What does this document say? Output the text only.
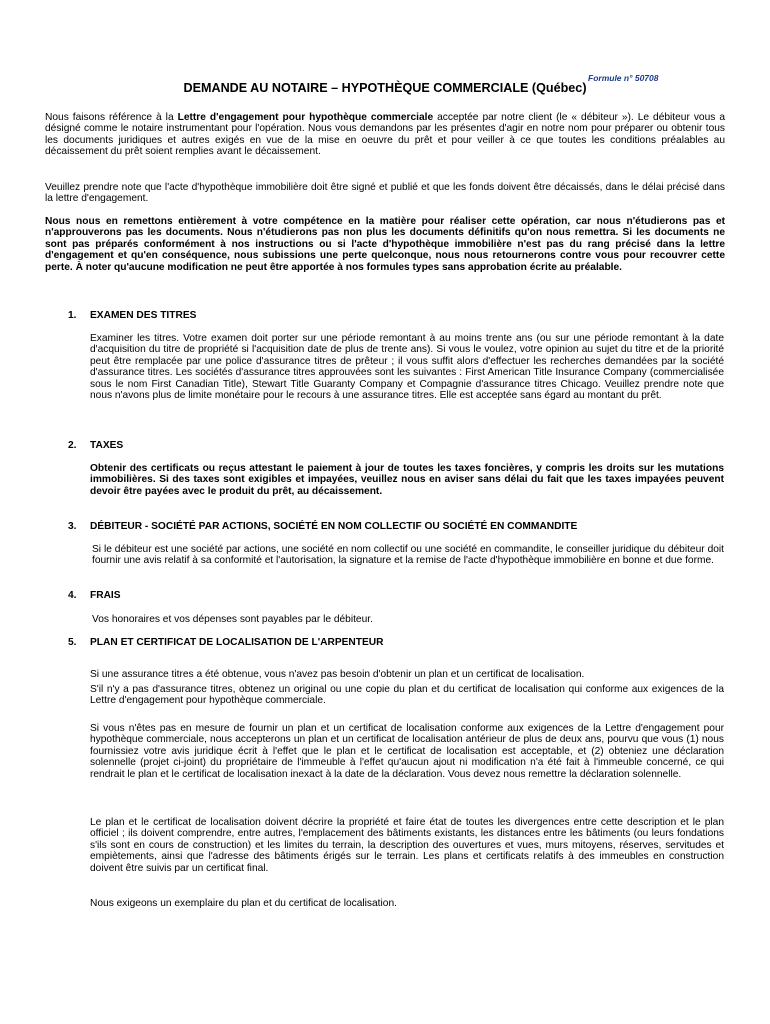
Formule n° 50708
DEMANDE AU NOTAIRE – HYPOTHÈQUE COMMERCIALE (Québec)

Nous faisons référence à la Lettre d'engagement pour hypothèque commerciale acceptée par notre client (le « débiteur »). Le débiteur vous a désigné comme le notaire instrumentant pour l'opération. Nous vous demandons par les présentes d'agir en notre nom pour préparer ou obtenir tous les documents juridiques et autres exigés en vue de la mise en oeuvre du prêt et pour veiller à ce que toutes les conditions préalables au décaissement du prêt soient remplies avant le décaissement.

Veuillez prendre note que l'acte d'hypothèque immobilière doit être signé et publié et que les fonds doivent être décaissés, dans le délai précisé dans la lettre d'engagement.

Nous nous en remettons entièrement à votre compétence en la matière pour réaliser cette opération, car nous n'étudierons pas et n'approuverons pas les documents. Nous n'étudierons pas non plus les documents définitifs qu'on nous remettra. Si les documents ne sont pas préparés conformément à nos instructions ou si l'acte d'hypothèque immobilière n'est pas du rang précisé dans la lettre d'engagement et qu'en conséquence, nous subissions une perte quelconque, nous nous retournerons contre vous pour recouvrer cette perte. À noter qu'aucune modification ne peut être apportée à nos formules types sans approbation écrite au préalable.

1. EXAMEN DES TITRES

Examiner les titres. Votre examen doit porter sur une période remontant à au moins trente ans (ou sur une période remontant à la date d'acquisition du titre de propriété si l'acquisition date de plus de trente ans). Si vous le voulez, votre opinion au sujet du titre et de la priorité peut être remplacée par une police d'assurance titres de prêteur ; il vous suffit alors d'effectuer les recherches demandées par la société d'assurance titres. Les sociétés d'assurance titres approuvées sont les suivantes : First American Title Insurance Company (commercialisée sous le nom First Canadian Title), Stewart Title Guaranty Company et Compagnie d'assurance titres Chicago. Veuillez prendre note que nous n'avons plus de limite monétaire pour le recours à une assurance titres. Elle est acceptée sans égard au montant du prêt.

2. TAXES

Obtenir des certificats ou reçus attestant le paiement à jour de toutes les taxes foncières, y compris les droits sur les mutations immobilières. Si des taxes sont exigibles et impayées, veuillez nous en aviser sans délai du fait que les taxes impayées peuvent devoir être payées avec le produit du prêt, au décaissement.

3. DÉBITEUR - SOCIÉTÉ PAR ACTIONS, SOCIÉTÉ EN NOM COLLECTIF OU SOCIÉTÉ EN COMMANDITE

Si le débiteur est une société par actions, une société en nom collectif ou une société en commandite, le conseiller juridique du débiteur doit fournir une avis relatif à sa conformité et l'autorisation, la signature et la remise de l'acte d'hypothèque immobilière en bonne et due forme.

4. FRAIS

Vos honoraires et vos dépenses sont payables par le débiteur.

5. PLAN ET CERTIFICAT DE LOCALISATION DE L'ARPENTEUR

Si une assurance titres a été obtenue, vous n'avez pas besoin d'obtenir un plan et un certificat de localisation.

S'il n'y a pas d'assurance titres, obtenez un original ou une copie du plan et du certificat de localisation qui conforme aux exigences de la Lettre d'engagement pour hypothèque commerciale.

Si vous n'êtes pas en mesure de fournir un plan et un certificat de localisation conforme aux exigences de la Lettre d'engagement pour hypothèque commerciale, nous accepterons un plan et un certificat de localisation antérieur de plus de deux ans, pourvu que vous (1) nous fournissiez votre avis juridique écrit à l'effet que le plan et le certificat de localisation est acceptable, et (2) obteniez une déclaration solennelle (projet ci-joint) du propriétaire de l'immeuble à l'effet qu'aucun ajout ni modification n'a été fait à l'immeuble concerné, ce qui rendrait le plan et le certificat de localisation inexact à la date de la déclaration. Vous devez nous remettre la déclaration solennelle.

Le plan et le certificat de localisation doivent décrire la propriété et faire état de toutes les divergences entre cette description et le plan officiel ; ils doivent comprendre, entre autres, l'emplacement des bâtiments existants, les distances entre les bâtiments (ou leurs fondations s'ils sont en cours de construction) et les limites du terrain, la description des ouvertures et vues, murs mitoyens, réserves, servitudes et empiètements, ainsi que l'adresse des bâtiments érigés sur le terrain. Les plans et certificats relatifs à des immeubles en construction doivent être suivis par un certificat final.

Nous exigeons un exemplaire du plan et du certificat de localisation.
